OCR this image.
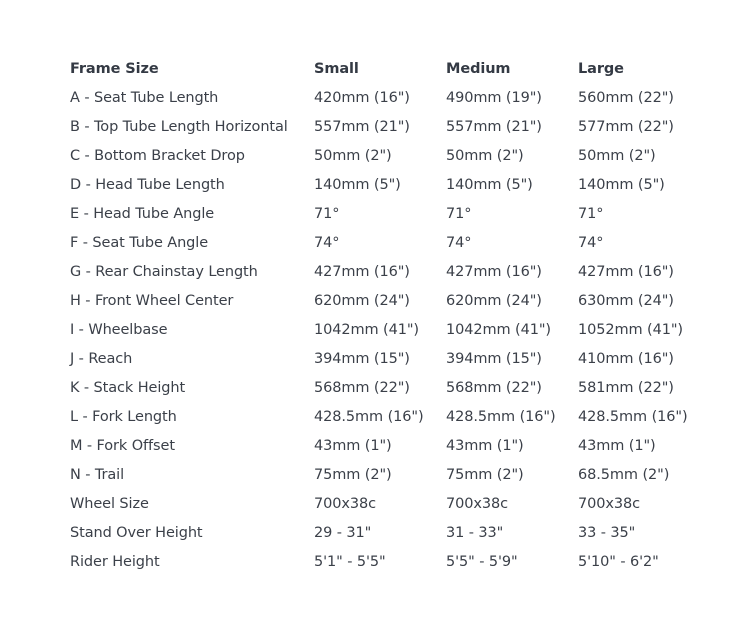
Frame Size	Small	Medium	Large
A - Seat Tube Length	420mm (16")	490mm (19")	560mm (22")
B - Top Tube Length Horizontal	557mm (21")	557mm (21")	577mm (22")
C - Bottom Bracket Drop	50mm (2")	50mm (2")	50mm (2")
D - Head Tube Length	140mm (5")	140mm (5")	140mm (5")
E - Head Tube Angle	71°	71°	71°
F - Seat Tube Angle	74°	74°	74°
G - Rear Chainstay Length	427mm (16")	427mm (16")	427mm (16")
H - Front Wheel Center	620mm (24")	620mm (24")	630mm (24")
I - Wheelbase	1042mm (41")	1042mm (41")	1052mm (41")
J - Reach	394mm (15")	394mm (15")	410mm (16")
K - Stack Height	568mm (22")	568mm (22")	581mm (22")
L - Fork Length	428.5mm (16")	428.5mm (16")	428.5mm (16")
M - Fork Offset	43mm (1")	43mm (1")	43mm (1")
N - Trail	75mm (2")	75mm (2")	68.5mm (2")
Wheel Size	700x38c	700x38c	700x38c
Stand Over Height	29 - 31"	31 - 33"	33 - 35"
Rider Height	5'1" - 5'5"	5'5" - 5'9"	5'10" - 6'2"
